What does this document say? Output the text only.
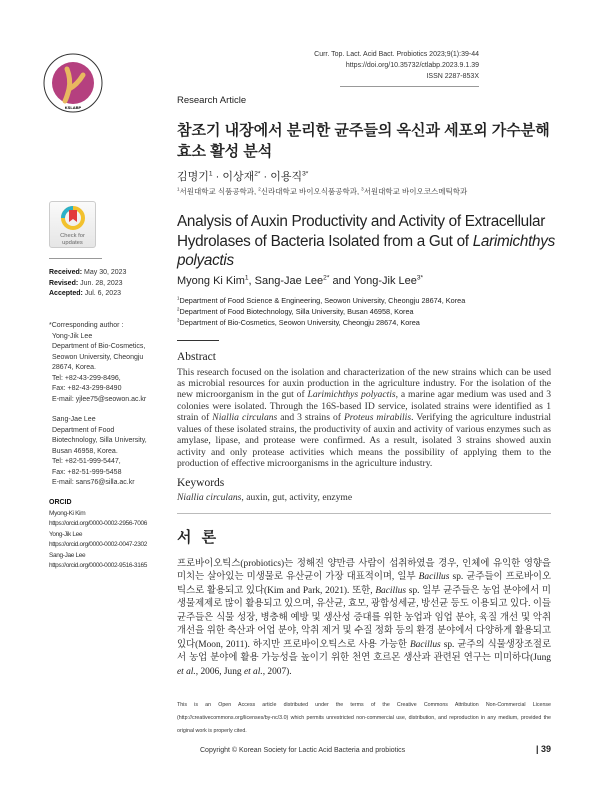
KSLABP
Curr. Top. Lact. Acid Bact. Probiotics 2023;9(1):39-44
https://doi.org/10.35732/ctlabp.2023.9.1.39
ISSN 2287-853X
Research Article
참조기 내장에서 분리한 균주들의 옥신과 세포외 가수분해효소 활성 분석
김명기$^1$ · 이상재$^{2*}$ · 이용직$^{3*}$
$^1$서원대학교 식품공학과, $^2$신라대학교 바이오식품공학과, $^3$서원대학교 바이오코스메틱학과
Analysis of Auxin Productivity and Activity of Extracellular Hydrolases of Bacteria Isolated from a Gut of Larimichthys polyactis
Myong Ki Kim$^1$, Sang-Jae Lee$^{2*}$ and Yong-Jik Lee$^{3*}$
$^1$Department of Food Science & Engineering, Seowon University, Cheongju 28674, Korea
$^2$Department of Food Biotechnology, Silla University, Busan 46958, Korea
$^3$Department of Bio-Cosmetics, Seowon University, Cheongju 28674, Korea
Abstract
This research focused on the isolation and characterization of the new strains which can be used as microbial resources for auxin production in the agriculture industry. For the isolation of the new microorganism in the gut of Larimichthys polyactis, a marine agar medium was used and 3 colonies were isolated. Through the 16S-based ID service, isolated strains were identified as 1 strain of Niallia circulans and 3 strains of Proteus mirabilis. Verifying the agriculture industrial values of these isolated strains, the productivity of auxin and activity of various enzymes such as amylase, lipase, and protease were confirmed. As a result, isolated 3 strains showed auxin activity and only protease activities which means the possibility of applying them to the production of effective microorganisms in the agriculture industry.
Keywords
Niallia circulans, auxin, gut, activity, enzyme
서 론
프로바이오틱스(probiotics)는 정해진 양만큼 사람이 섭취하였을 경우, 인체에 유익한 영향을 미치는 살아있는 미생물로 유산균이 가장 대표적이며, 일부 Bacillus sp. 균주들이 프로바이오틱스로 활용되고 있다(Kim and Park, 2021). 또한, Bacillus sp. 일부 균주들은 농업 분야에서 미생물제제로 많이 활용되고 있으며, 유산균, 효모, 광합성세균, 방선균 등도 이용되고 있다. 이들 균주들은 식물 성장, 병충해 예방 및 생산성 증대를 위한 농업과 임업 분야, 육질 개선 및 악취 개선을 위한 축산과 어업 분야, 악취 제거 및 수질 정화 등의 환경 분야에서 다양하게 활용되고 있다(Moon, 2011). 하지만 프로바이오틱스로 사용 가능한 Bacillus sp. 균주의 식물생장조절로서 농업 분야에 활용 가능성을 높이기 위한 천연 호르몬 생산과 관련된 연구는 미미하다(Jung et al., 2006, Jung et al., 2007).
This is an Open Access article distributed under the terms of the Creative Commons Attribution Non-Commercial License (http://creativecommons.org/licenses/by-nc/3.0) which permits unrestricted non-commercial use, distribution, and reproduction in any medium, provided the original work is properly cited.
Copyright © Korean Society for Lactic Acid Bacteria and probiotics	| 39
Check for updates
Received: May 30, 2023
Revised: Jun. 28, 2023
Accepted: Jul. 6, 2023
*Corresponding author :
Yong-Jik Lee
Department of Bio-Cosmetics,
Seowon University, Cheongju
28674, Korea.
Tel: +82-43-299-8496,
Fax: +82-43-299-8490
E-mail: yjlee75@seowon.ac.kr
Sang-Jae Lee
Department of Food
Biotechnology, Silla University,
Busan 46958, Korea.
Tel: +82-51-999-5447,
Fax: +82-51-999-5458
E-mail: sans76@silla.ac.kr
ORCID
Myong-Ki Kim
https://orcid.org/0000-0002-2956-7006
Yong-Jik Lee
https://orcid.org/0000-0002-0047-2302
Sang-Jae Lee
https://orcid.org/0000-0002-9516-3165
